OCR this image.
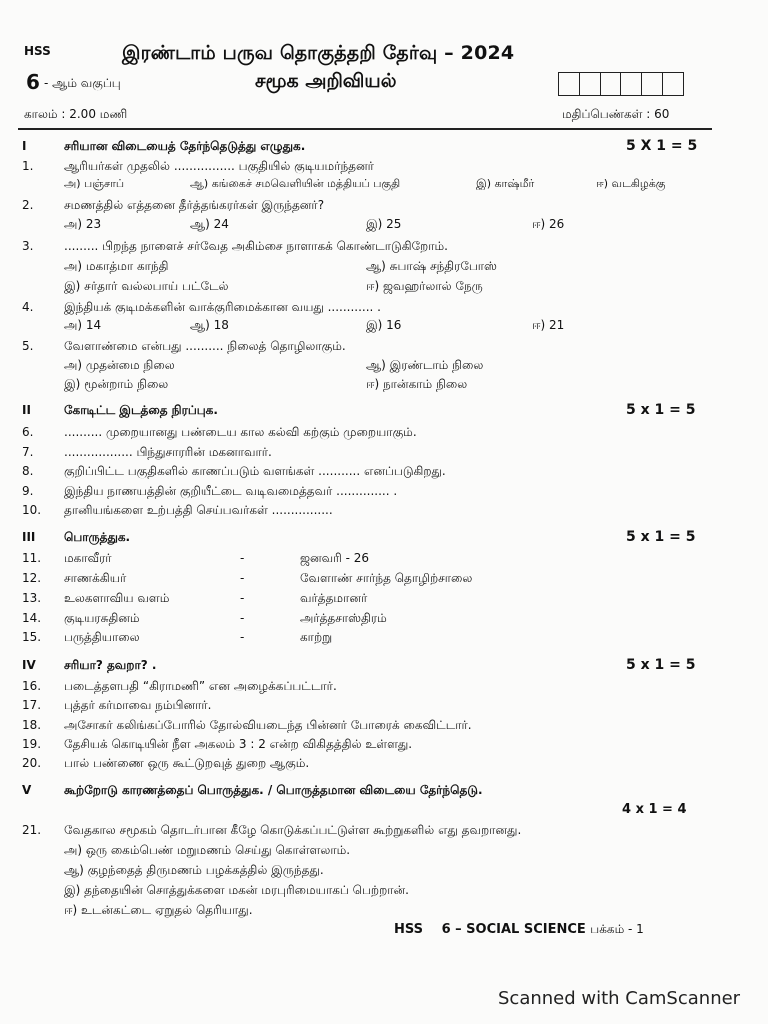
HSS	இரண்டாம் பருவ தொகுத்தறி தேர்வு – 2024
6 - ஆம் வகுப்பு	சமூக அறிவியல்
காலம் : 2.00 மணி	மதிப்பெண்கள் : 60
I	சரியான விடையைத் தேர்ந்தெடுத்து எழுதுக.	5 X 1 = 5
1.	ஆரியர்கள் முதலில் ................ பகுதியில் குடியமர்ந்தனர்
அ) பஞ்சாப்	ஆ) கங்கைச் சமவெளியின் மத்தியப் பகுதி	இ) காஷ்மீர்	ஈ) வடகிழக்கு
2.	சமணத்தில் எத்தனை தீர்த்தங்கரர்கள் இருந்தனர்?
அ) 23	ஆ) 24	இ) 25	ஈ) 26
3.	......... பிறந்த நாளைச் சர்வேத அகிம்சை நாளாகக் கொண்டாடுகிறோம்.
அ) மகாத்மா காந்தி	ஆ) சுபாஷ் சந்திரபோஸ்
இ) சர்தார் வல்லபாய் பட்டேல்	ஈ) ஜவஹர்லால் நேரு
4.	இந்தியக் குடிமக்களின் வாக்குரிமைக்கான வயது ............ .
அ) 14	ஆ) 18	இ) 16	ஈ) 21
5.	வேளாண்மை என்பது .......... நிலைத் தொழிலாகும்.
அ) முதன்மை நிலை	ஆ) இரண்டாம் நிலை
இ) மூன்றாம் நிலை	ஈ) நான்காம் நிலை
II	கோடிட்ட இடத்தை நிரப்புக.	5 x 1 = 5
6.	.......... முறையானது பண்டைய கால கல்வி கற்கும் முறையாகும்.
7.	.................. பிந்துசாரரின் மகனாவார்.
8.	குறிப்பிட்ட பகுதிகளில் காணப்படும் வளங்கள் ........... எனப்படுகிறது.
9.	இந்திய நாணயத்தின் குறியீட்டை வடிவமைத்தவர் .............. .
10. தானியங்களை உற்பத்தி செய்பவர்கள் ................
III பொருத்துக.	5 x 1 = 5
11. மகாவீரர்	-	ஜனவரி - 26
12. சாணக்கியர்	-	வேளாண் சார்ந்த தொழிற்சாலை
13. உலகளாவிய வளம்	-	வர்த்தமானர்
14. குடியரசுதினம்	-	அர்த்தசாஸ்திரம்
15. பருத்தியாலை	-	காற்று
IV சரியா? தவறா? .	5 x 1 = 5
16. படைத்தளபதி “கிராமணி” என அழைக்கப்பட்டார்.
17. புத்தர் கர்மாவை நம்பினார்.
18. அசோகர் கலிங்கப்போரில் தோல்வியடைந்த பின்னர் போரைக் கைவிட்டார்.
19. தேசியக் கொடியின் நீள அகலம் 3 : 2 என்ற விகிதத்தில் உள்ளது.
20. பால் பண்ணை ஒரு கூட்டுறவுத் துறை ஆகும்.
V	கூற்றோடு காரணத்தைப் பொருத்துக. / பொருத்தமான விடையை தேர்ந்தெடு.
4 x 1 = 4
21. வேதகால சமூகம் தொடர்பான கீழே கொடுக்கப்பட்டுள்ள கூற்றுகளில் எது தவறானது.
அ) ஒரு கைம்பெண் மறுமணம் செய்து கொள்ளலாம்.
ஆ) குழந்தைத் திருமணம் பழக்கத்தில் இருந்தது.
இ) தந்தையின் சொத்துக்களை மகன் மரபுரிமையாகப் பெற்றான்.
ஈ) உடன்கட்டை ஏறுதல் தெரியாது.
HSS 6 – SOCIAL SCIENCE பக்கம் - 1
Scanned with CamScanner
